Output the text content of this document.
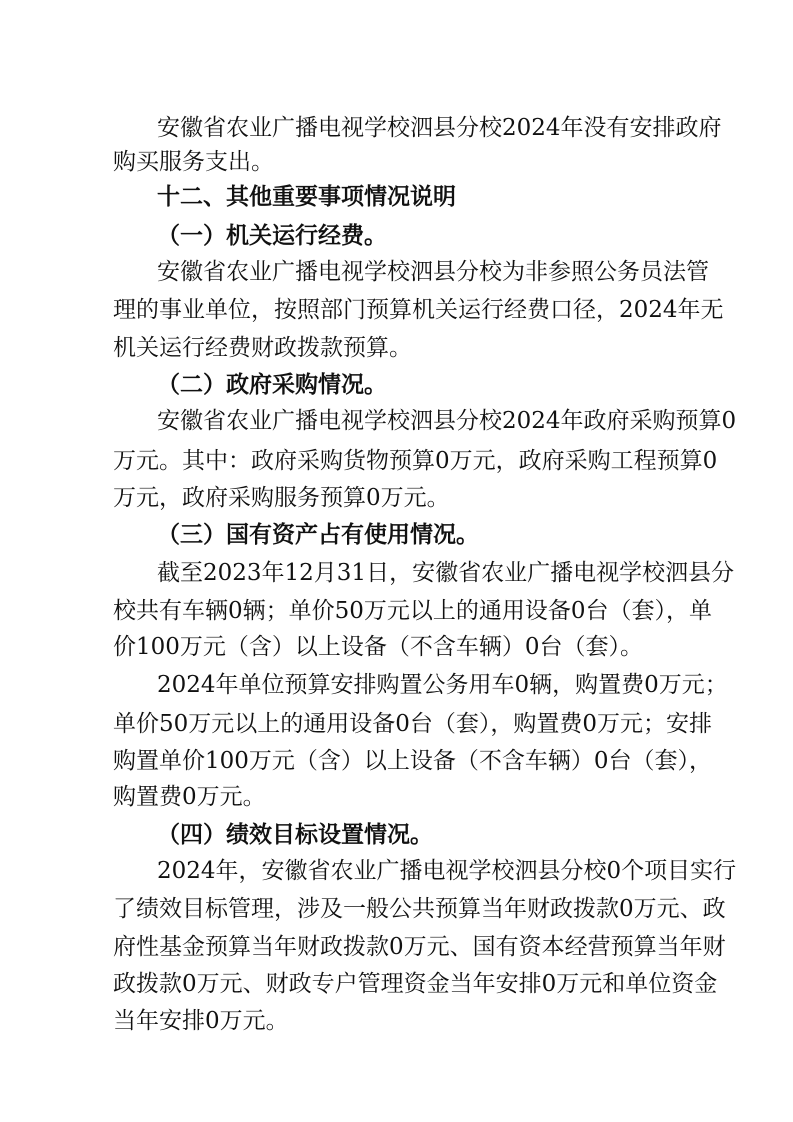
安徽省农业广播电视学校泗县分校2024年没有安排政府
购买服务支出。
十二、其他重要事项情况说明
（一）机关运行经费。
安徽省农业广播电视学校泗县分校为非参照公务员法管
理的事业单位，按照部门预算机关运行经费口径，2024年无
机关运行经费财政拨款预算。
（二）政府采购情况。
安徽省农业广播电视学校泗县分校2024年政府采购预算0
万元。其中：政府采购货物预算0万元，政府采购工程预算0
万元，政府采购服务预算0万元。
（三）国有资产占有使用情况。
截至2023年12月31日，安徽省农业广播电视学校泗县分
校共有车辆0辆；单价50万元以上的通用设备0台（套），单
价100万元（含）以上设备（不含车辆）0台（套）。
2024年单位预算安排购置公务用车0辆，购置费0万元；
单价50万元以上的通用设备0台（套），购置费0万元；安排
购置单价100万元（含）以上设备（不含车辆）0台（套），
购置费0万元。
（四）绩效目标设置情况。
2024年，安徽省农业广播电视学校泗县分校0个项目实行
了绩效目标管理，涉及一般公共预算当年财政拨款0万元、政
府性基金预算当年财政拨款0万元、国有资本经营预算当年财
政拨款0万元、财政专户管理资金当年安排0万元和单位资金
当年安排0万元。
